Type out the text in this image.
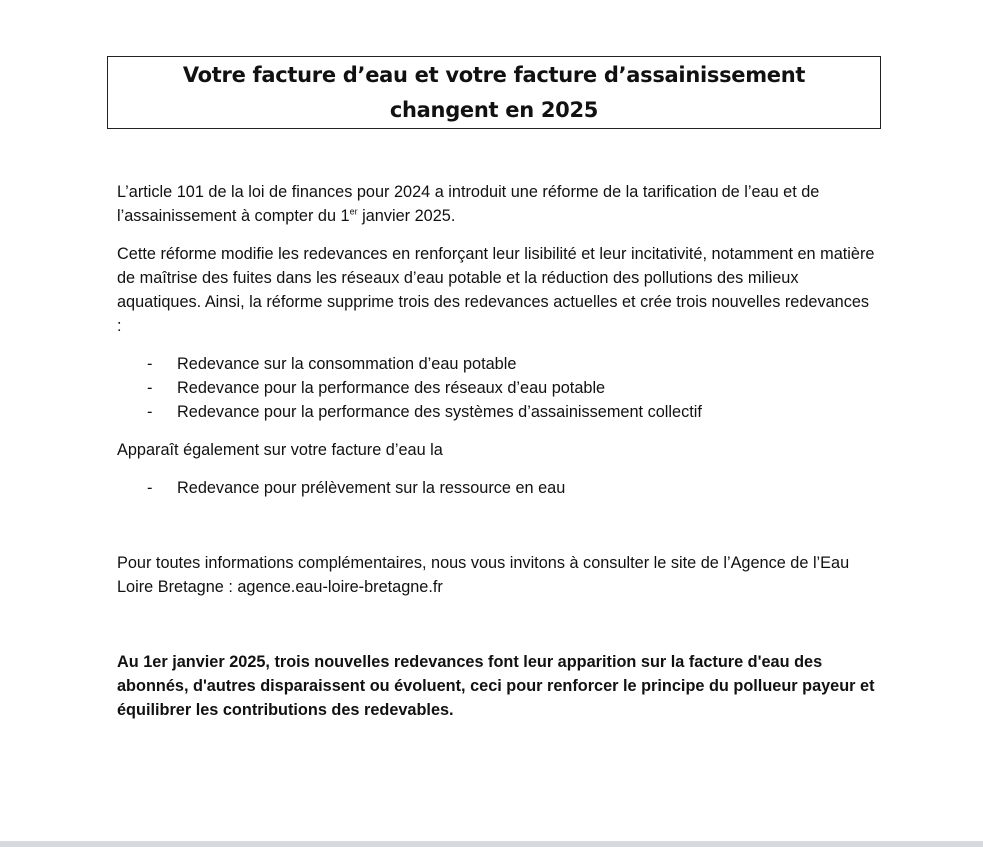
Votre facture d’eau et votre facture d’assainissement
changent en 2025

L’article 101 de la loi de finances pour 2024 a introduit une réforme de la tarification de l’eau et de l’assainissement à compter du 1er janvier 2025.

Cette réforme modifie les redevances en renforçant leur lisibilité et leur incitativité, notamment en matière de maîtrise des fuites dans les réseaux d’eau potable et la réduction des pollutions des milieux aquatiques. Ainsi, la réforme supprime trois des redevances actuelles et crée trois nouvelles redevances :

- Redevance sur la consommation d’eau potable
- Redevance pour la performance des réseaux d’eau potable
- Redevance pour la performance des systèmes d’assainissement collectif

Apparaît également sur votre facture d’eau la

- Redevance pour prélèvement sur la ressource en eau

Pour toutes informations complémentaires, nous vous invitons à consulter le site de l’Agence de l’Eau Loire Bretagne : agence.eau-loire-bretagne.fr

Au 1er janvier 2025, trois nouvelles redevances font leur apparition sur la facture d'eau des abonnés, d'autres disparaissent ou évoluent, ceci pour renforcer le principe du pollueur payeur et équilibrer les contributions des redevables.
